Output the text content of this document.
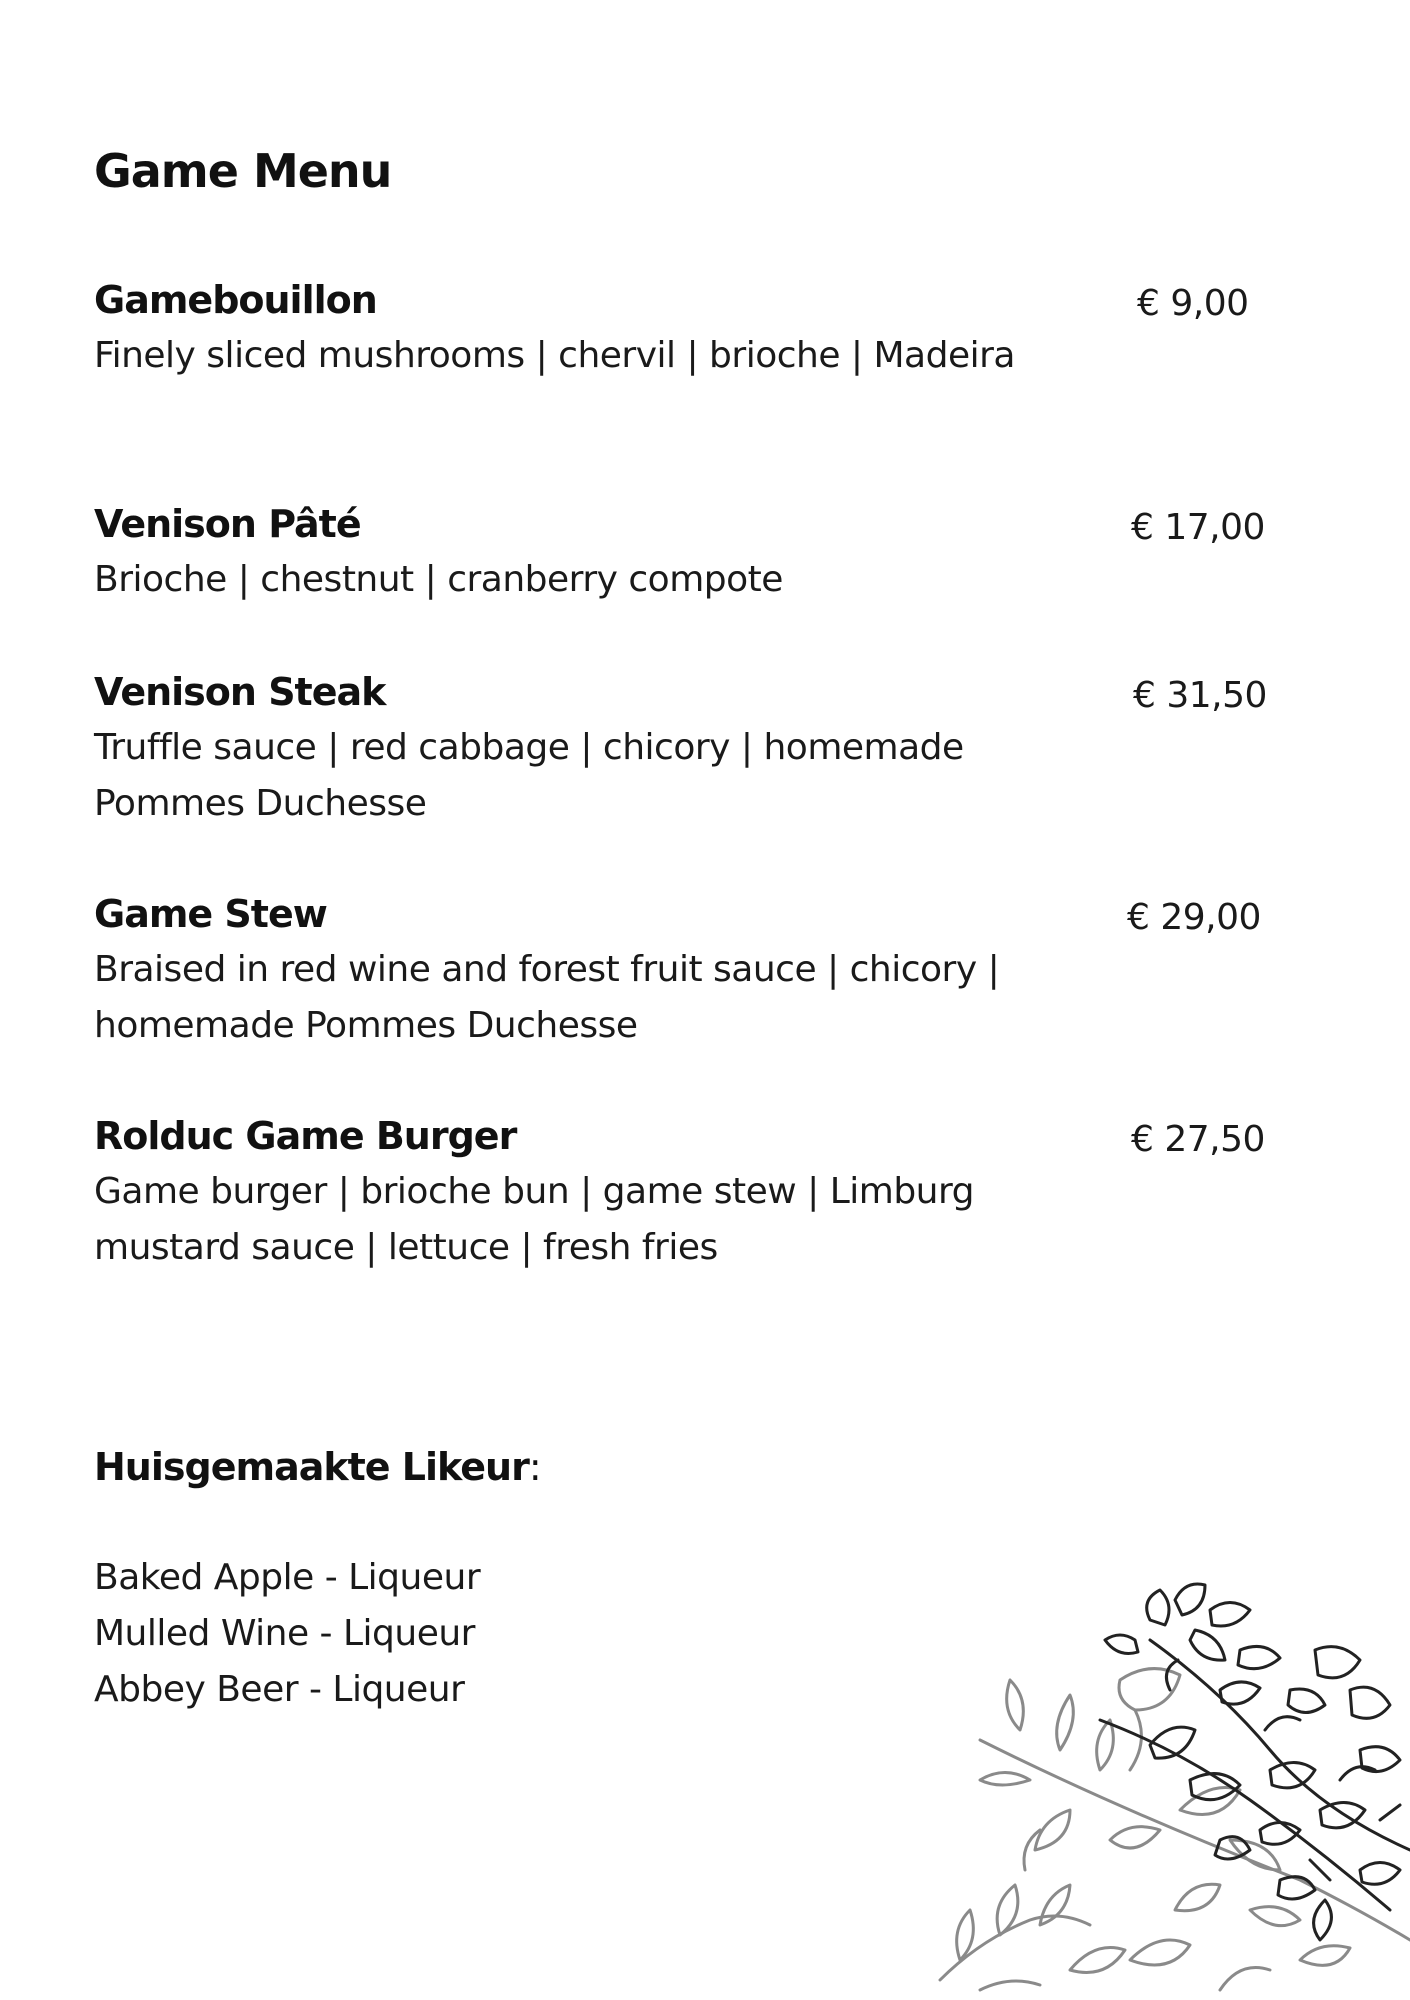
Game Menu

Gamebouillon

Finely sliced mushrooms | chervil | brioche | Madeira

€ 9,00

Venison Pâté

Brioche | chestnut | cranberry compote

€ 17,00

Venison Steak

Truffle sauce | red cabbage | chicory | homemade Pommes Duchesse

€ 31,50

Game Stew

Braised in red wine and forest fruit sauce | chicory | homemade Pommes Duchesse

€ 29,00

Rolduc Game Burger

Game burger | brioche bun | game stew | Limburg mustard sauce | lettuce | fresh fries

€ 27,50
Huisgemaakte Likeur:
Baked Apple - Liqueur
Mulled Wine - Liqueur
Abbey Beer - Liqueur
